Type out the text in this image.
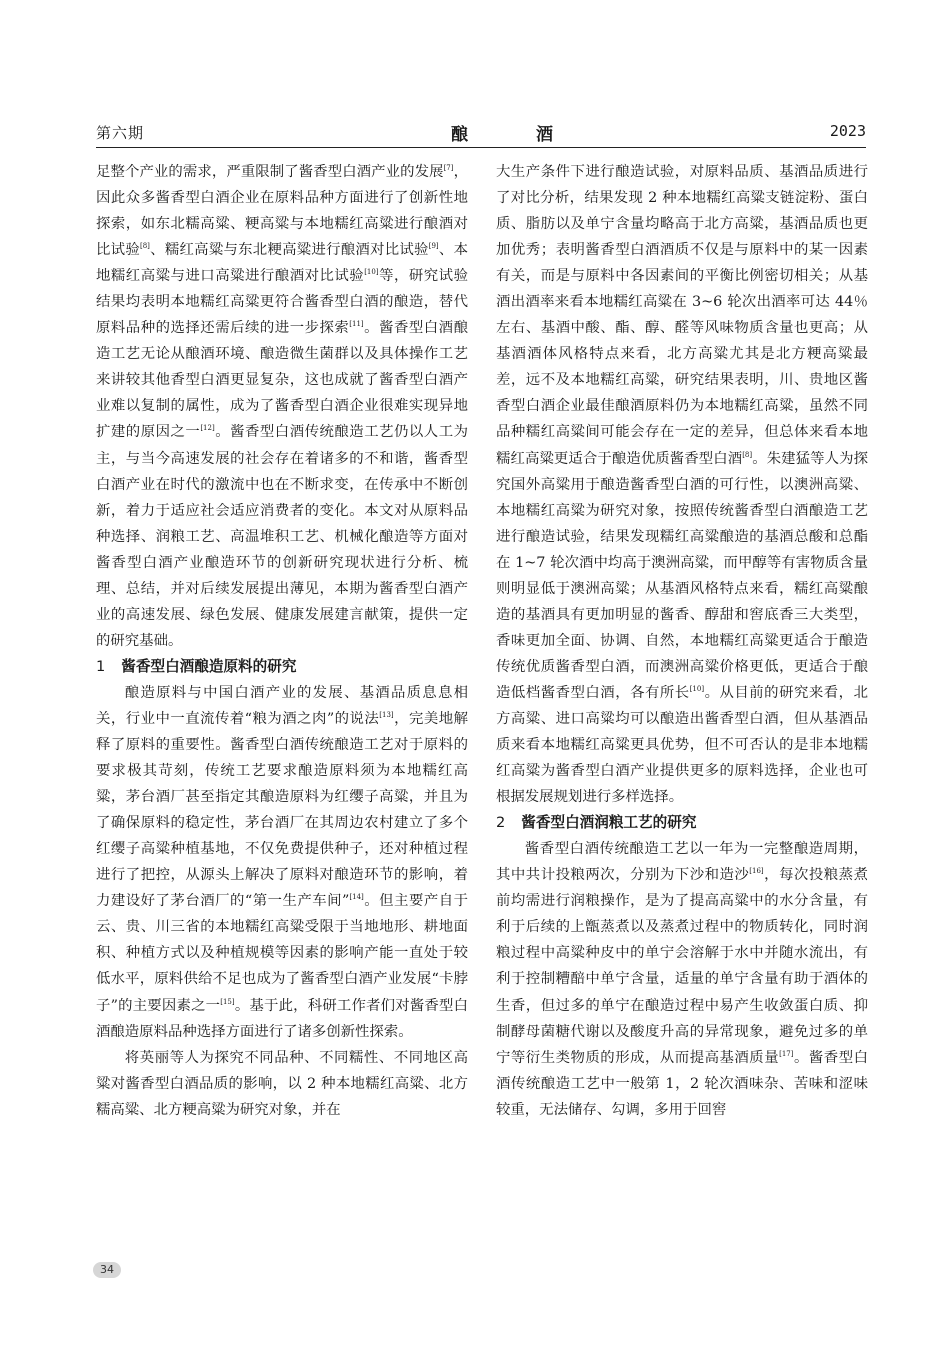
第六期	酿酒	2023

足整个产业的需求，严重限制了酱香型白酒产业的发展[7]，因此众多酱香型白酒企业在原料品种方面进行了创新性地探索，如东北糯高粱、粳高粱与本地糯红高粱进行酿酒对比试验[8]、糯红高粱与东北粳高粱进行酿酒对比试验[9]、本地糯红高粱与进口高粱进行酿酒对比试验[10]等，研究试验结果均表明本地糯红高粱更符合酱香型白酒的酿造，替代原料品种的选择还需后续的进一步探索[11]。酱香型白酒酿造工艺无论从酿酒环境、酿造微生菌群以及具体操作工艺来讲较其他香型白酒更显复杂，这也成就了酱香型白酒产业难以复制的属性，成为了酱香型白酒企业很难实现异地扩建的原因之一[12]。酱香型白酒传统酿造工艺仍以人工为主，与当今高速发展的社会存在着诸多的不和谐，酱香型白酒产业在时代的激流中也在不断求变，在传承中不断创新，着力于适应社会适应消费者的变化。本文对从原料品种选择、润粮工艺、高温堆积工艺、机械化酿造等方面对酱香型白酒产业酿造环节的创新研究现状进行分析、梳理、总结，并对后续发展提出薄见，本期为酱香型白酒产业的高速发展、绿色发展、健康发展建言献策，提供一定的研究基础。

1 酱香型白酒酿造原料的研究

酿造原料与中国白酒产业的发展、基酒品质息息相关，行业中一直流传着“粮为酒之肉”的说法[13]，完美地解释了原料的重要性。酱香型白酒传统酿造工艺对于原料的要求极其苛刻，传统工艺要求酿造原料须为本地糯红高粱，茅台酒厂甚至指定其酿造原料为红缨子高粱，并且为了确保原料的稳定性，茅台酒厂在其周边农村建立了多个红缨子高粱种植基地，不仅免费提供种子，还对种植过程进行了把控，从源头上解决了原料对酿造环节的影响，着力建设好了茅台酒厂的“第一生产车间”[14]。但主要产自于云、贵、川三省的本地糯红高粱受限于当地地形、耕地面积、种植方式以及种植规模等因素的影响产能一直处于较低水平，原料供给不足也成为了酱香型白酒产业发展“卡脖子”的主要因素之一[15]。基于此，科研工作者们对酱香型白酒酿造原料品种选择方面进行了诸多创新性探索。

将英丽等人为探究不同品种、不同糯性、不同地区高粱对酱香型白酒品质的影响，以 2 种本地糯红高粱、北方糯高粱、北方粳高粱为研究对象，并在

大生产条件下进行酿造试验，对原料品质、基酒品质进行了对比分析，结果发现 2 种本地糯红高粱支链淀粉、蛋白质、脂肪以及单宁含量均略高于北方高粱，基酒品质也更加优秀；表明酱香型白酒酒质不仅是与原料中的某一因素有关，而是与原料中各因素间的平衡比例密切相关；从基酒出酒率来看本地糯红高粱在 3~6 轮次出酒率可达 44％左右、基酒中酸、酯、醇、醛等风味物质含量也更高；从基酒酒体风格特点来看，北方高粱尤其是北方粳高粱最差，远不及本地糯红高粱，研究结果表明，川、贵地区酱香型白酒企业最佳酿酒原料仍为本地糯红高粱，虽然不同品种糯红高粱间可能会存在一定的差异，但总体来看本地糯红高粱更适合于酿造优质酱香型白酒[8]。朱建猛等人为探究国外高粱用于酿造酱香型白酒的可行性，以澳洲高粱、本地糯红高粱为研究对象，按照传统酱香型白酒酿造工艺进行酿造试验，结果发现糯红高粱酿造的基酒总酸和总酯在 1~7 轮次酒中均高于澳洲高粱，而甲醇等有害物质含量则明显低于澳洲高粱；从基酒风格特点来看，糯红高粱酿造的基酒具有更加明显的酱香、醇甜和窖底香三大类型，香味更加全面、协调、自然，本地糯红高粱更适合于酿造传统优质酱香型白酒，而澳洲高粱价格更低，更适合于酿造低档酱香型白酒，各有所长[10]。从目前的研究来看，北方高粱、进口高粱均可以酿造出酱香型白酒，但从基酒品质来看本地糯红高粱更具优势，但不可否认的是非本地糯红高粱为酱香型白酒产业提供更多的原料选择，企业也可根据发展规划进行多样选择。

2 酱香型白酒润粮工艺的研究

酱香型白酒传统酿造工艺以一年为一完整酿造周期，其中共计投粮两次，分别为下沙和造沙[16]，每次投粮蒸煮前均需进行润粮操作，是为了提高高粱中的水分含量，有利于后续的上甑蒸煮以及蒸煮过程中的物质转化，同时润粮过程中高粱种皮中的单宁会溶解于水中并随水流出，有利于控制糟醅中单宁含量，适量的单宁含量有助于酒体的生香，但过多的单宁在酿造过程中易产生收敛蛋白质、抑制酵母菌糖代谢以及酸度升高的异常现象，避免过多的单宁等衍生类物质的形成，从而提高基酒质量[17]。酱香型白酒传统酿造工艺中一般第 1，2 轮次酒味杂、苦味和涩味较重，无法储存、勾调，多用于回窖

34
